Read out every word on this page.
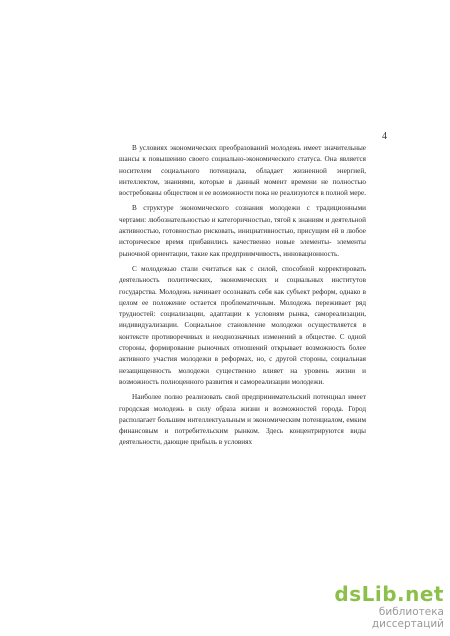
4

В условиях экономических преобразований молодежь имеет значительные шансы к повышению своего социально-экономического статуса. Она является носителем социального потенциала, обладает жизненной энергией, интеллектом, знаниями, которые в данный момент времени не полностью востребованы обществом и ее возможности пока не реализуются в полной мере.

В структуре экономического сознания молодежи с традиционными чертами: любознательностью и категоричностью, тягой к знаниям и деятельной активностью, готовностью рисковать, инициативностью, присущим ей в любое историческое время прибавились качественно новые элементы- элементы рыночной ориентации, такие как предприимчивость, инновационность.

С молодежью стали считаться как с силой, способной корректировать деятельность политических, экономических и социальных институтов государства. Молодежь начинает осознавать себя как субъект реформ, однако в целом ее положение остается проблематичным. Молодежь переживает ряд трудностей: социализации, адаптации к условиям рынка, самореализации, индивидуализации. Социальное становление молодежи осуществляется в контексте противоречивых и неоднозначных изменений в обществе. С одной стороны, формирование рыночных отношений открывает возможность более активного участия молодежи в реформах, но, с другой стороны, социальная незащищенность молодежи существенно влияет на уровень жизни и возможность полноценного развития и самореализации молодежи.

Наиболее полно реализовать свой предпринимательский потенциал имеет городская молодежь в силу образа жизни и возможностей города. Город располагает большим интеллектуальным и экономическим потенциалом, емким финансовым и потребительским рынком. Здесь концентрируются виды деятельности, дающие прибыль в условиях

dsLib.net
библиотека диссертаций
